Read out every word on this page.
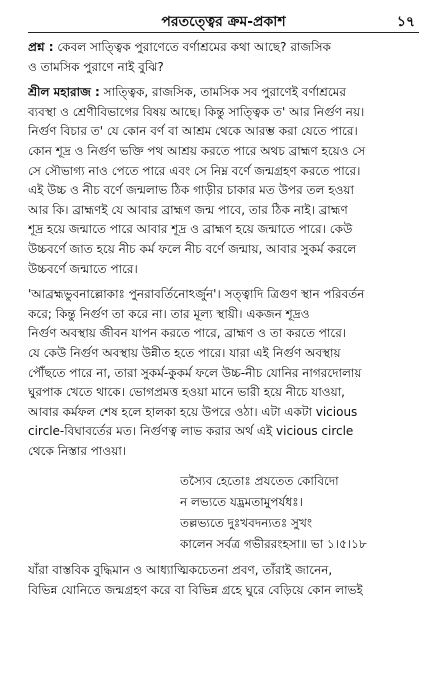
পরতত্ত্বের ক্রম-প্রকাশ	১৭
প্রশ্ন : কেবল সাত্ত্বিক পুরাণেতে বর্ণাশ্রমের কথা আছে? রাজসিক
ও তামসিক পুরাণে নাই বুঝি?
শ্রীল মহারাজ : সাত্ত্বিক, রাজসিক, তামসিক সব পুরাণেই বর্ণাশ্রমের
ব্যবস্থা ও শ্রেণীবিভাগের বিষয় আছে। কিন্তু সাত্ত্বিক ত' আর নির্গুণ নয়।
নির্গুণ বিচার ত' যে কোন বর্ণ বা আশ্রম থেকে আরম্ভ করা যেতে পারে।
কোন শূদ্র ও নির্গুণ ভক্তি পথ আশ্রয় করতে পারে অথচ ব্রাহ্মণ হয়েও সে
সে সৌভাগ্য নাও পেতে পারে এবং সে নিম্ন বর্ণে জন্মগ্রহণ করতে পারে।
এই উচ্চ ও নীচ বর্ণে জন্মলাভ ঠিক গাড়ীর চাকার মত উপর তল হওয়া
আর কি। ব্রাহ্মণই যে আবার ব্রাহ্মণ জন্ম পাবে, তার ঠিক নাই। ব্রাহ্মণ
শূদ্র হয়ে জন্মাতে পারে আবার শূদ্র ও ব্রাহ্মণ হয়ে জন্মাতে পারে। কেউ
উচ্চবর্ণে জাত হয়ে নীচ কর্ম ফলে নীচ বর্ণে জন্মায়, আবার সুকর্ম করলে
উচ্চবর্ণে জন্মাতে পারে।
'আব্রহ্মভুবনাল্লোকাঃ পুনরাবর্তিনোঽর্জুন'। সত্ত্বাদি ত্রিগুণ স্থান পরিবর্তন
করে; কিন্তু নির্গুণ তা করে না। তার মূল্য স্থায়ী। একজন শূদ্রও
নির্গুণ অবস্থায় জীবন যাপন করতে পারে, ব্রাহ্মণ ও তা করতে পারে।
যে কেউ নির্গুণ অবস্থায় উন্নীত হতে পারে। যারা এই নির্গুণ অবস্থায়
পৌঁছতে পারে না, তারা সুকর্ম-কুকর্ম ফলে উচ্চ-নীচ যোনির নাগরদোলায়
ঘুরপাক খেতে থাকে। ভোগপ্রমত্ত হওয়া মানে ভারী হয়ে নীচে যাওয়া,
আবার কর্মফল শেষ হলে হালকা হয়ে উপরে ওঠা। এটা একটা vicious
circle-বিঘাবর্তের মত। নির্গুণত্ব লাভ করার অর্থ এই vicious circle
থেকে নিস্তার পাওয়া।
তস্যৈব হেতোঃ প্রযতেত কোবিদো
ন লভ্যতে যদ্ভ্রমতামুপর্যধঃ।
তল্লভ্যতে দুঃখবদন্যতঃ সুখং
কালেন সর্বত্র গভীররংহসা॥ ভা ১।৫।১৮
যাঁরা বাস্তবিক বুদ্ধিমান ও আধ্যাত্মিকচেতনা প্রবণ, তাঁরাই জানেন,
বিভিন্ন যোনিতে জন্মগ্রহণ করে বা বিভিন্ন গ্রহে ঘুরে বেড়িয়ে কোন লাভই
